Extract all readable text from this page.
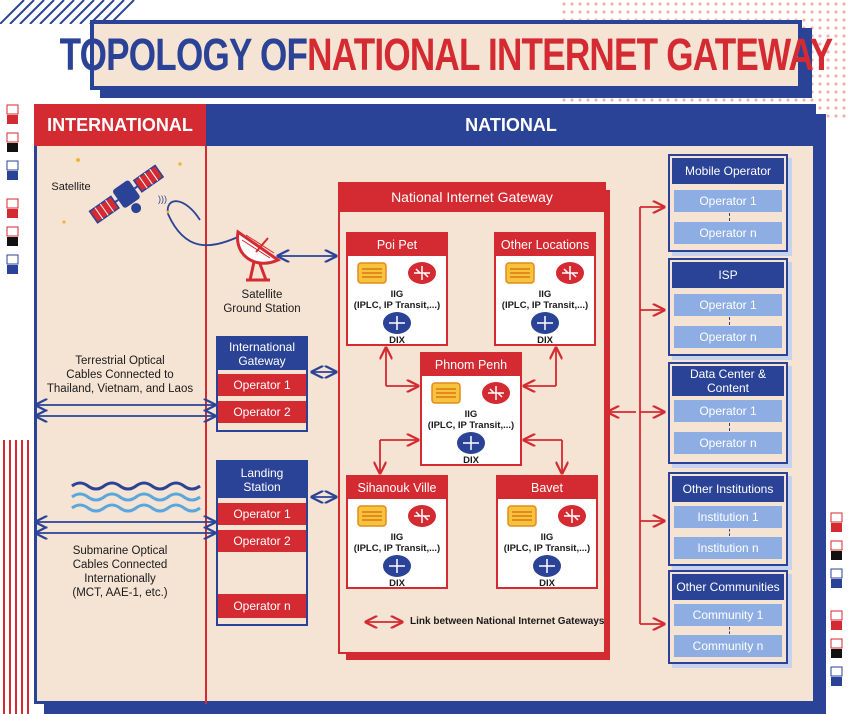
TOPOLOGY OF NATIONAL INTERNET GATEWAY
INTERNATIONAL	NATIONAL
)))
Satellite
Satellite
Ground Station
Terrestrial Optical
Cables Connected to
Thailand, Vietnam, and Laos
Submarine Optical
Cables Connected
Internationally
(MCT, AAE-1, etc.)
International
Gateway
Operator 1
Operator 2
Landing
Station
Operator 1
Operator 2
Operator n
National Internet Gateway
Poi Pet
IIG
(IPLC, IP Transit,...)
DIX
Other Locations
IIG
(IPLC, IP Transit,...)
DIX
Phnom Penh
IIG
(IPLC, IP Transit,...)
DIX
Sihanouk Ville
IIG
(IPLC, IP Transit,...)
DIX
Bavet
IIG
(IPLC, IP Transit,...)
DIX
Link between National Internet Gateways
Mobile Operator
Operator 1
Operator n
ISP
Operator 1
Operator n
Data Center &
Content
Operator 1
Operator n
Other Institutions
Institution 1
Institution n
Other Communities
Community 1
Community n
